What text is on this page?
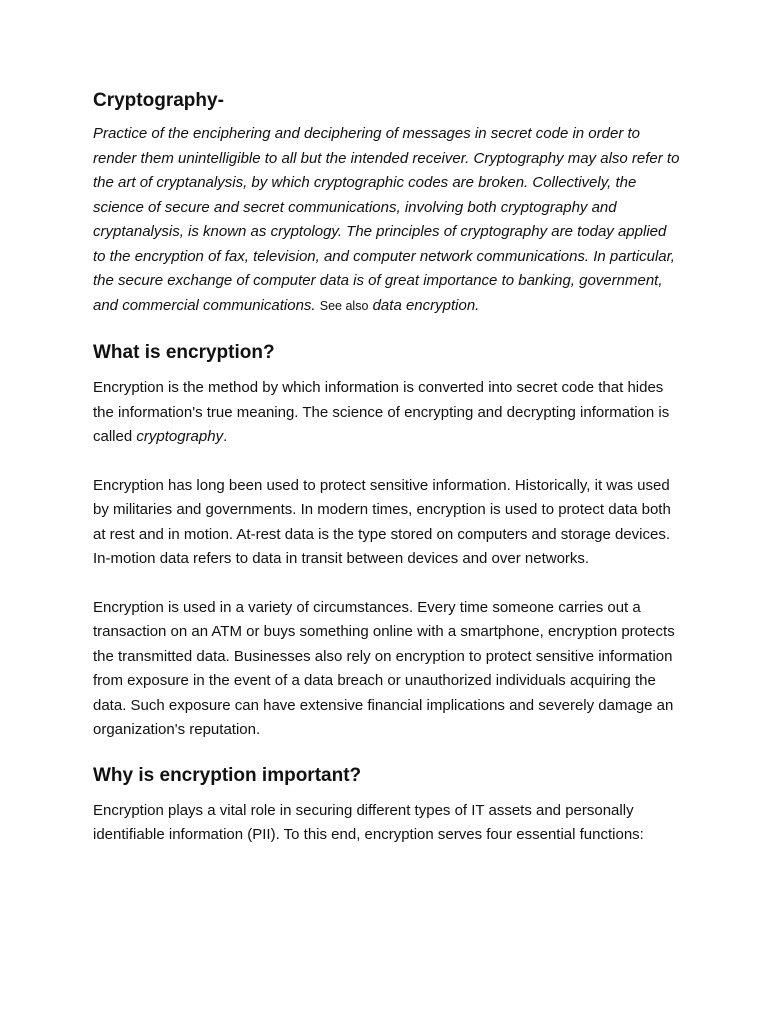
Cryptography-

Practice of the enciphering and deciphering of messages in secret code in order to render them unintelligible to all but the intended receiver. Cryptography may also refer to the art of cryptanalysis, by which cryptographic codes are broken. Collectively, the science of secure and secret communications, involving both cryptography and cryptanalysis, is known as cryptology. The principles of cryptography are today applied to the encryption of fax, television, and computer network communications. In particular, the secure exchange of computer data is of great importance to banking, government, and commercial communications. See also data encryption.

What is encryption?

Encryption is the method by which information is converted into secret code that hides the information's true meaning. The science of encrypting and decrypting information is called cryptography.

Encryption has long been used to protect sensitive information. Historically, it was used by militaries and governments. In modern times, encryption is used to protect data both at rest and in motion. At-rest data is the type stored on computers and storage devices. In-motion data refers to data in transit between devices and over networks.

Encryption is used in a variety of circumstances. Every time someone carries out a transaction on an ATM or buys something online with a smartphone, encryption protects the transmitted data. Businesses also rely on encryption to protect sensitive information from exposure in the event of a data breach or unauthorized individuals acquiring the data. Such exposure can have extensive financial implications and severely damage an organization's reputation.

Why is encryption important?

Encryption plays a vital role in securing different types of IT assets and personally identifiable information (PII). To this end, encryption serves four essential functions:
